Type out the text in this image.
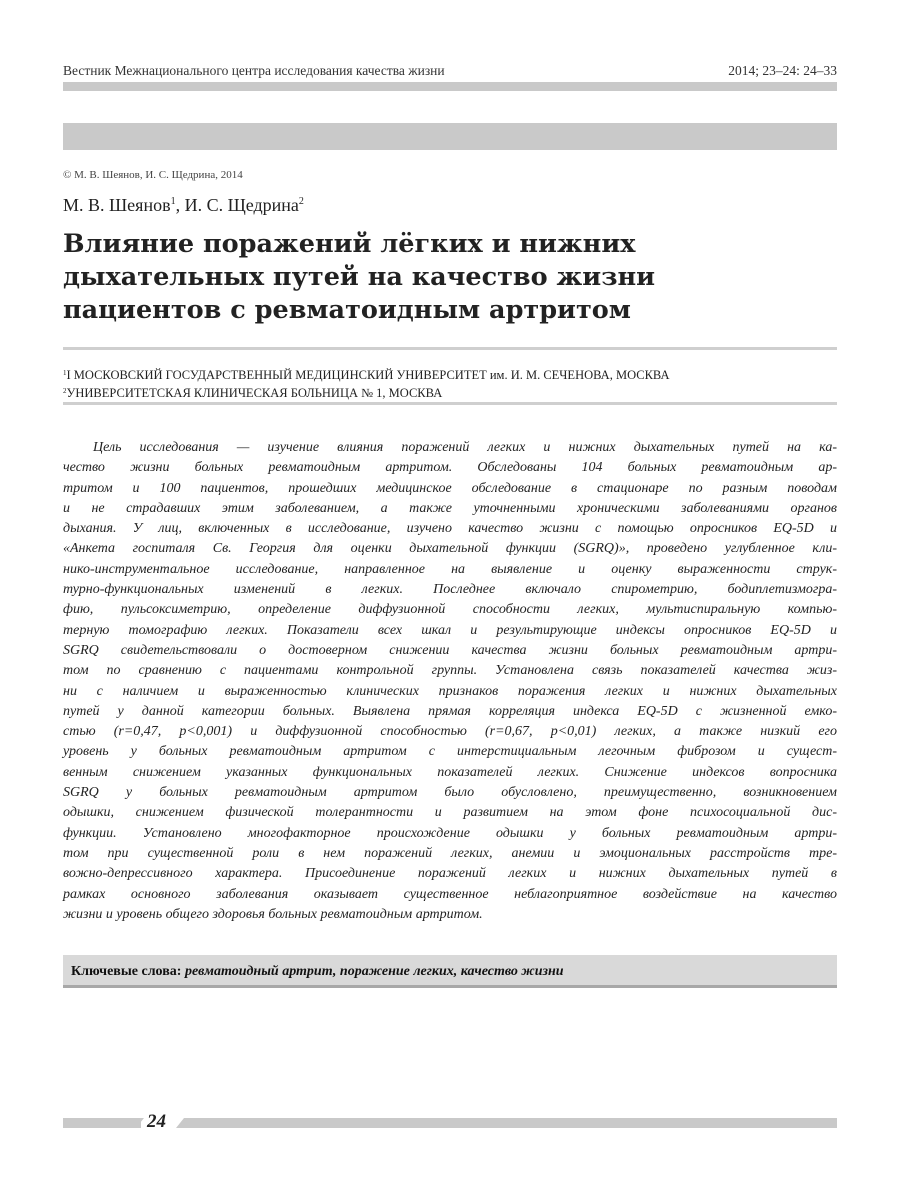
Вестник Межнационального центра исследования качества жизни	2014; 23–24: 24–33
© М. В. Шеянов, И. С. Щедрина, 2014
М. В. Шеянов$^1$, И. С. Щедрина$^2$
Влияние поражений лёгких и нижних
дыхательных путей на качество жизни
пациентов с ревматоидным артритом
$^1$I МОСКОВСКИЙ ГОСУДАРСТВЕННЫЙ МЕДИЦИНСКИЙ УНИВЕРСИТЕТ им. И. М. СЕЧЕНОВА, МОСКВА
$^2$УНИВЕРСИТЕТСКАЯ КЛИНИЧЕСКАЯ БОЛЬНИЦА № 1, МОСКВА
Цель исследования — изучение влияния поражений легких и нижних дыхательных путей на ка-
чество жизни больных ревматоидным артритом. Обследованы 104 больных ревматоидным ар-
тритом и 100 пациентов, прошедших медицинское обследование в стационаре по разным поводам
и не страдавших этим заболеванием, а также уточненными хроническими заболеваниями органов
дыхания. У лиц, включенных в исследование, изучено качество жизни с помощью опросников EQ-5D и
«Анкета госпиталя Св. Георгия для оценки дыхательной функции (SGRQ)», проведено углубленное кли-
нико-инструментальное исследование, направленное на выявление и оценку выраженности струк-
турно-функциональных изменений в легких. Последнее включало спирометрию, бодиплетизмогра-
фию, пульсоксиметрию, определение диффузионной способности легких, мультиспиральную компью-
терную томографию легких. Показатели всех шкал и результирующие индексы опросников EQ-5D и
SGRQ свидетельствовали о достоверном снижении качества жизни больных ревматоидным артри-
том по сравнению с пациентами контрольной группы. Установлена связь показателей качества жиз-
ни с наличием и выраженностью клинических признаков поражения легких и нижних дыхательных
путей у данной категории больных. Выявлена прямая корреляция индекса EQ-5D с жизненной емко-
стью (r=0,47, p<0,001) и диффузионной способностью (r=0,67, p<0,01) легких, а также низкий его
уровень у больных ревматоидным артритом с интерстициальным легочным фиброзом и сущест-
венным снижением указанных функциональных показателей легких. Снижение индексов вопросника
SGRQ у больных ревматоидным артритом было обусловлено, преимущественно, возникновением
одышки, снижением физической толерантности и развитием на этом фоне психосоциальной дис-
функции. Установлено многофакторное происхождение одышки у больных ревматоидным артри-
том при существенной роли в нем поражений легких, анемии и эмоциональных расстройств тре-
вожно-депрессивного характера. Присоединение поражений легких и нижних дыхательных путей в
рамках основного заболевания оказывает существенное неблагоприятное воздействие на качество
жизни и уровень общего здоровья больных ревматоидным артритом.
Ключевые слова: ревматоидный артрит, поражение легких, качество жизни
24
